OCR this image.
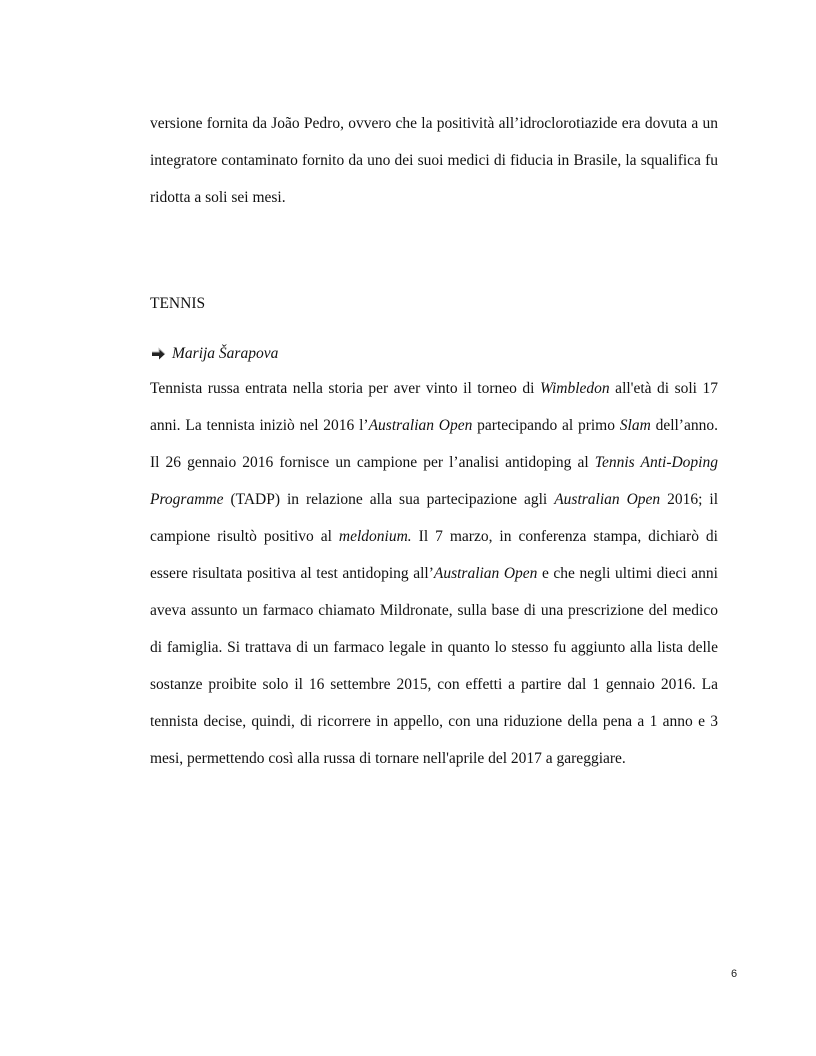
versione fornita da João Pedro, ovvero che la positività all’idroclorotiazide era dovuta a un integratore contaminato fornito da uno dei suoi medici di fiducia in Brasile, la squalifica fu ridotta a soli sei mesi.

TENNIS

Marija Šarapova

Tennista russa entrata nella storia per aver vinto il torneo di Wimbledon all'età di soli 17 anni. La tennista iniziò nel 2016 l’Australian Open partecipando al primo Slam dell’anno. Il 26 gennaio 2016 fornisce un campione per l’analisi antidoping al Tennis Anti-Doping Programme (TADP) in relazione alla sua partecipazione agli Australian Open 2016; il campione risultò positivo al meldonium. Il 7 marzo, in conferenza stampa, dichiarò di essere risultata positiva al test antidoping all’Australian Open e che negli ultimi dieci anni aveva assunto un farmaco chiamato Mildronate, sulla base di una prescrizione del medico di famiglia. Si trattava di un farmaco legale in quanto lo stesso fu aggiunto alla lista delle sostanze proibite solo il 16 settembre 2015, con effetti a partire dal 1 gennaio 2016. La tennista decise, quindi, di ricorrere in appello, con una riduzione della pena a 1 anno e 3 mesi, permettendo così alla russa di tornare nell'aprile del 2017 a gareggiare.

6
